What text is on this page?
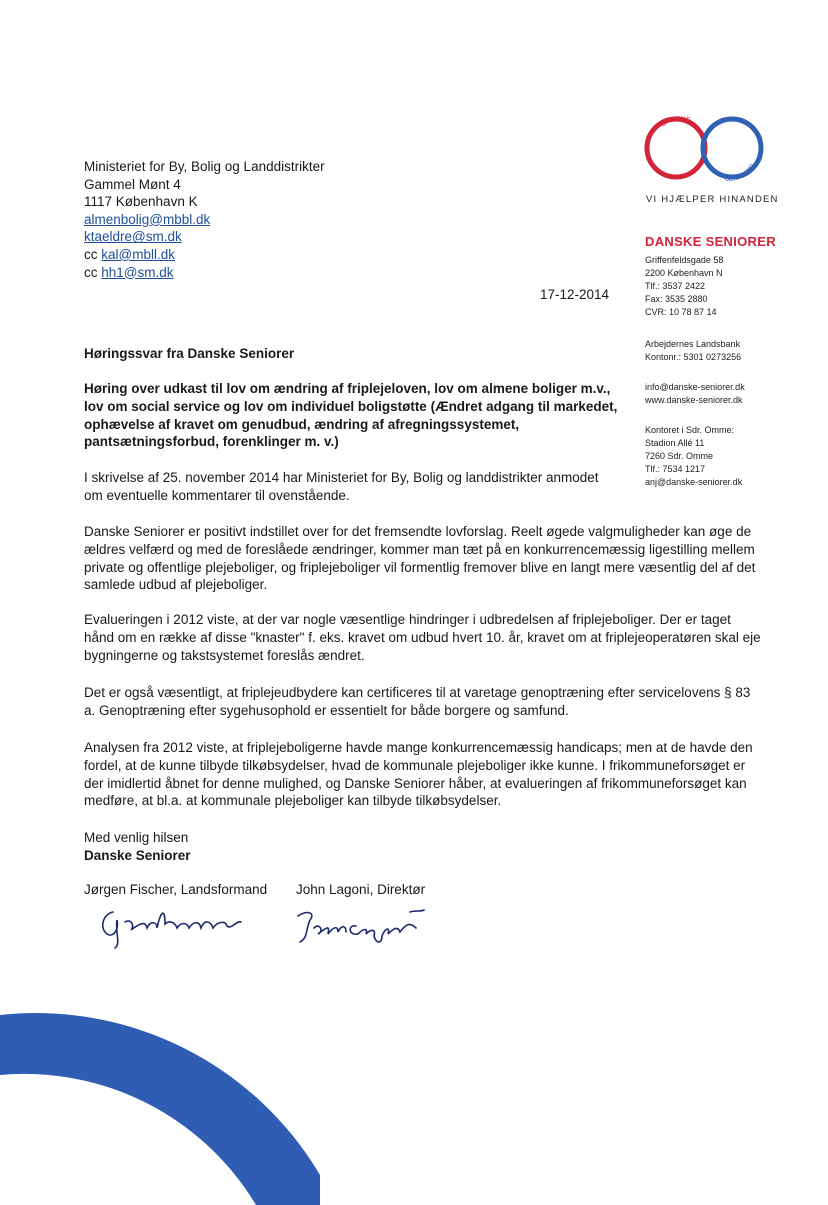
DANSKE
SENIORER
VI HJÆLPER HINANDEN
Ministeriet for By, Bolig og Landdistrikter
Gammel Mønt 4
1117 København K
almenbolig@mbbl.dk
ktaeldre@sm.dk
cc kal@mbll.dk
cc hh1@sm.dk
17-12-2014
DANSKE SENIORER
Griffenfeldsgade 58
2200 København N
Tlf.: 3537 2422
Fax: 3535 2880
CVR: 10 78 87 14
Arbejdernes Landsbank
Kontonr.: 5301 0273256
info@danske-seniorer.dk
www.danske-seniorer.dk
Kontoret i Sdr. Omme:
Stadion Allé 11
7260 Sdr. Omme
Tlf.: 7534 1217
anj@danske-seniorer.dk
Høringssvar fra Danske Seniorer
Høring over udkast til lov om ændring af friplejeloven, lov om almene boliger m.v., lov om social service og lov om individuel boligstøtte (Ændret adgang til markedet, ophævelse af kravet om genudbud, ændring af afregningssystemet, pantsætningsforbud, forenklinger m. v.)
I skrivelse af 25. november 2014 har Ministeriet for By, Bolig og landdistrikter anmodet om eventuelle kommentarer til ovenstående.
Danske Seniorer er positivt indstillet over for det fremsendte lovforslag. Reelt øgede valgmuligheder kan øge de ældres velfærd og med de foreslåede ændringer, kommer man tæt på en konkurrencemæssig ligestilling mellem private og offentlige plejeboliger, og friplejeboliger vil formentlig fremover blive en langt mere væsentlig del af det samlede udbud af plejeboliger.
Evalueringen i 2012 viste, at der var nogle væsentlige hindringer i udbredelsen af friplejeboliger. Der er taget hånd om en række af disse "knaster" f. eks. kravet om udbud hvert 10. år, kravet om at friplejeoperatøren skal eje bygningerne og takstsystemet foreslås ændret.
Det er også væsentligt, at friplejeudbydere kan certificeres til at varetage genoptræning efter servicelovens § 83 a. Genoptræning efter sygehusophold er essentielt for både borgere og samfund.
Analysen fra 2012 viste, at friplejeboligerne havde mange konkurrencemæssig handicaps; men at de havde den fordel, at de kunne tilbyde tilkøbsydelser, hvad de kommunale plejeboliger ikke kunne. I frikommuneforsøget er der imidlertid åbnet for denne mulighed, og Danske Seniorer håber, at evalueringen af frikommuneforsøget kan medføre, at bl.a. at kommunale plejeboliger kan tilbyde tilkøbsydelser.
Med venlig hilsen
Danske Seniorer
Jørgen Fischer, Landsformand John Lagoni, Direktør
